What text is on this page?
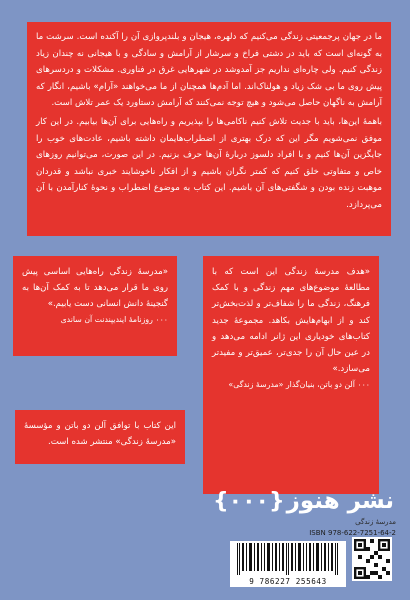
ما در جهان پرجمعیتی زندگی می‌کنیم که دلهره، هیجان و بلندپروازی آن را آکنده است. سرشت ما به گونه‌ای است که باید در دشتی فراخ و سرشار از آرامش و سادگی و با هیجانی نه چندان زیاد زندگی کنیم. ولی چاره‌ای نداریم جز آمدوشد در شهرهایی غرق در فناوری. مشکلات و دردسرهای پیش روی ما بی شک زیاد و هولناک‌اند. اما آدم‌ها همچنان از ما می‌خواهند «آرام» باشیم، انگار که آرامش به ناگهان حاصل می‌شود و هیچ توجه نمی‌کنند که آرامش دستاورد یک عمر تلاش است.

باهمهٔ این‌ها، باید با جدیت تلاش کنیم ناکامی‌ها را بپذیریم و راه‌هایی برای آن‌ها بیابیم. در این کار موفق نمی‌شویم مگر این که درک بهتری از اضطراب‌هایمان داشته باشیم، عادت‌های خوب را جایگزین آن‌ها کنیم و با افراد دلسوز دربارهٔ آن‌ها حرف بزنیم. در این صورت، می‌توانیم روزهای خاص و متفاوتی خلق کنیم که کمتر نگران باشیم و از افکار ناخوشایند خبری نباشد و قدردان موهبت زنده بودن و شگفتی‌های آن باشیم. این کتاب به موضوع اضطراب و نحوهٔ کنارآمدن با آن می‌پردازد.

«مدرسهٔ زندگی راه‌هایی اساسی پیش روی ما قرار می‌دهد تا به کمک آن‌ها به گنجینهٔ دانش انسانی دست یابیم.»

۰۰۰ روزنامهٔ ایندیپندنت آن ساندی

«هدف مدرسهٔ زندگی این است که با مطالعهٔ موضوع‌های مهم زندگی و با کمک فرهنگ، زندگی ما را شفاف‌تر و لذت‌بخش‌تر کند و از ابهام‌هایش بکاهد. مجموعهٔ جدید کتاب‌های خودیاری این ژانر ادامه می‌دهد و در عین حال آن را جدی‌تر، عمیق‌تر و مفیدتر می‌سازد.»

۰۰۰ آلن دو باتن، بنیان‌گذار «مدرسهٔ زندگی»

این کتاب با توافق آلن دو باتن و مؤسسهٔ «مدرسهٔ زندگی» منتشر شده است.

نشر هنوز
{۰۰۰}
مدرسهٔ زندگی
ISBN 978-622-7251-64-2
9 786227 255643
